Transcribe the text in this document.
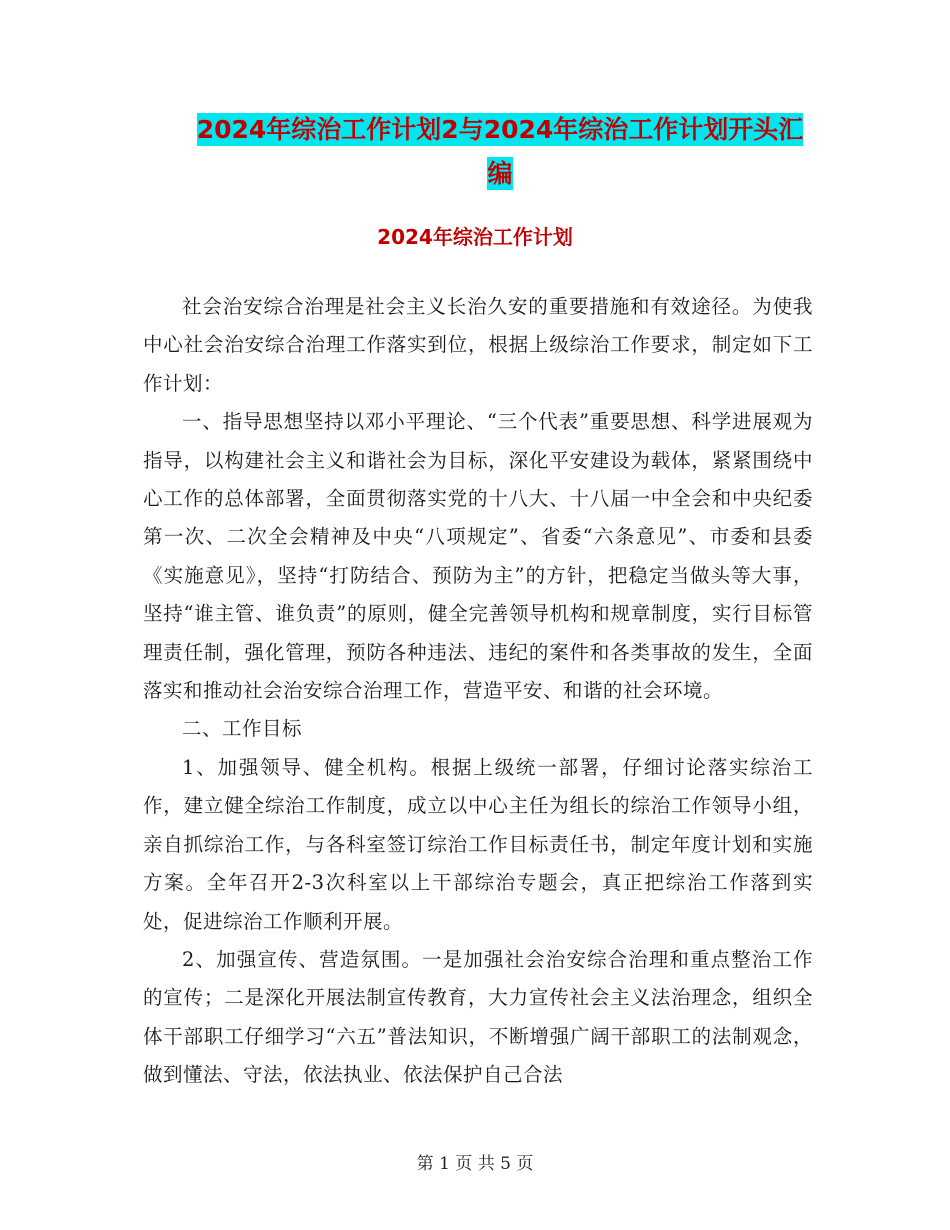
2024年综治工作计划2与2024年综治工作计划开头汇
编
2024年综治工作计划

社会治安综合治理是社会主义长治久安的重要措施和有效途径。为使我中心社会治安综合治理工作落实到位，根据上级综治工作要求，制定如下工作计划：

一、指导思想坚持以邓小平理论、“三个代表”重要思想、科学进展观为指导，以构建社会主义和谐社会为目标，深化平安建设为载体，紧紧围绕中心工作的总体部署，全面贯彻落实党的十八大、十八届一中全会和中央纪委第一次、二次全会精神及中央“八项规定”、省委“六条意见”、市委和县委《实施意见》，坚持“打防结合、预防为主”的方针，把稳定当做头等大事，坚持“谁主管、谁负责”的原则，健全完善领导机构和规章制度，实行目标管理责任制，强化管理，预防各种违法、违纪的案件和各类事故的发生，全面落实和推动社会治安综合治理工作，营造平安、和谐的社会环境。

二、工作目标

1、加强领导、健全机构。根据上级统一部署，仔细讨论落实综治工作，建立健全综治工作制度，成立以中心主任为组长的综治工作领导小组，亲自抓综治工作，与各科室签订综治工作目标责任书，制定年度计划和实施方案。全年召开2-3次科室以上干部综治专题会，真正把综治工作落到实处，促进综治工作顺利开展。

2、加强宣传、营造氛围。一是加强社会治安综合治理和重点整治工作的宣传；二是深化开展法制宣传教育，大力宣传社会主义法治理念，组织全体干部职工仔细学习“六五”普法知识，不断增强广阔干部职工的法制观念，做到懂法、守法，依法执业、依法保护自己合法

第 1 页 共 5 页
